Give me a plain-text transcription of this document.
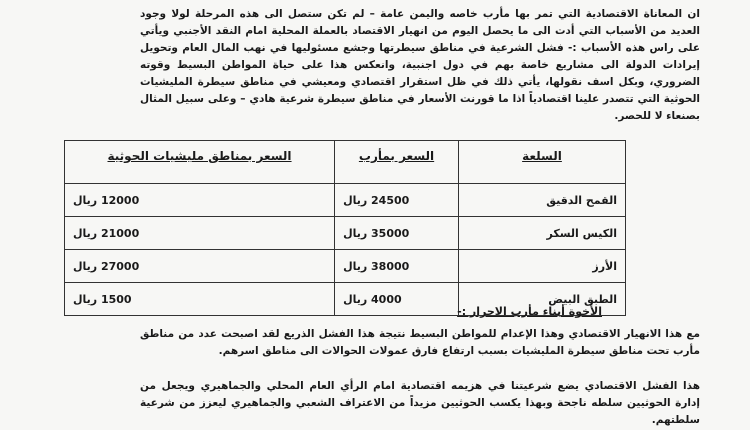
ان المعاناة الاقتصادية التي تمر بها مأرب خاصه واليمن عامة – لم تكن ستصل الى هذه المرحلة لولا وجود العديد من الأسباب التي أدت الى ما يحصل اليوم من انهيار الاقتصاد بالعملة المحلية امام النقد الأجنبي ويأتي على راس هذه الأسباب :- فشل الشرعية في مناطق سيطرتها وجشع مسئوليها في نهب المال العام وتحويل إيرادات الدولة الى مشاريع خاصة بهم في دول اجنبية، وانعكس هذا على حياة المواطن البسيط وقوته الضروري، وبكل اسف نقولها، يأتي ذلك في ظل استقرار اقتصادي ومعيشي في مناطق سيطرة المليشيات الحوثية التي تتصدر علينا اقتصادياً اذا ما قورنت الأسعار في مناطق سيطرة شرعية هادي – وعلى سبيل المثال بصنعاء لا للحصر.
السلعة	السعر بمأرب	السعر بمناطق مليشيات الحوثية
القمح الدقيق	24500 ريال	12000 ريال
الكيس السكر	35000 ريال	21000 ريال
الأرز	38000 ريال	27000 ريال
الطبق البيض	4000 ريال	1500 ريال
الأخوة أبناء مأرب الاحرار :-
مع هذا الانهيار الاقتصادي وهذا الإعدام للمواطن البسيط نتيجة هذا الفشل الذريع لقد اصبحت عدد من مناطق مأرب تحت مناطق سيطرة المليشيات بسبب ارتفاع فارق عمولات الحوالات الى مناطق اسرهم.
هذا الفشل الاقتصادي يضع شرعيتنا في هزيمه اقتصادية امام الرأي العام المحلي والجماهيري ويجعل من إدارة الحوثيين سلطه ناجحة وبهذا يكسب الحوثيين مزيداً من الاعتراف الشعبي والجماهيري ليعزز من شرعية سلطتهم.
